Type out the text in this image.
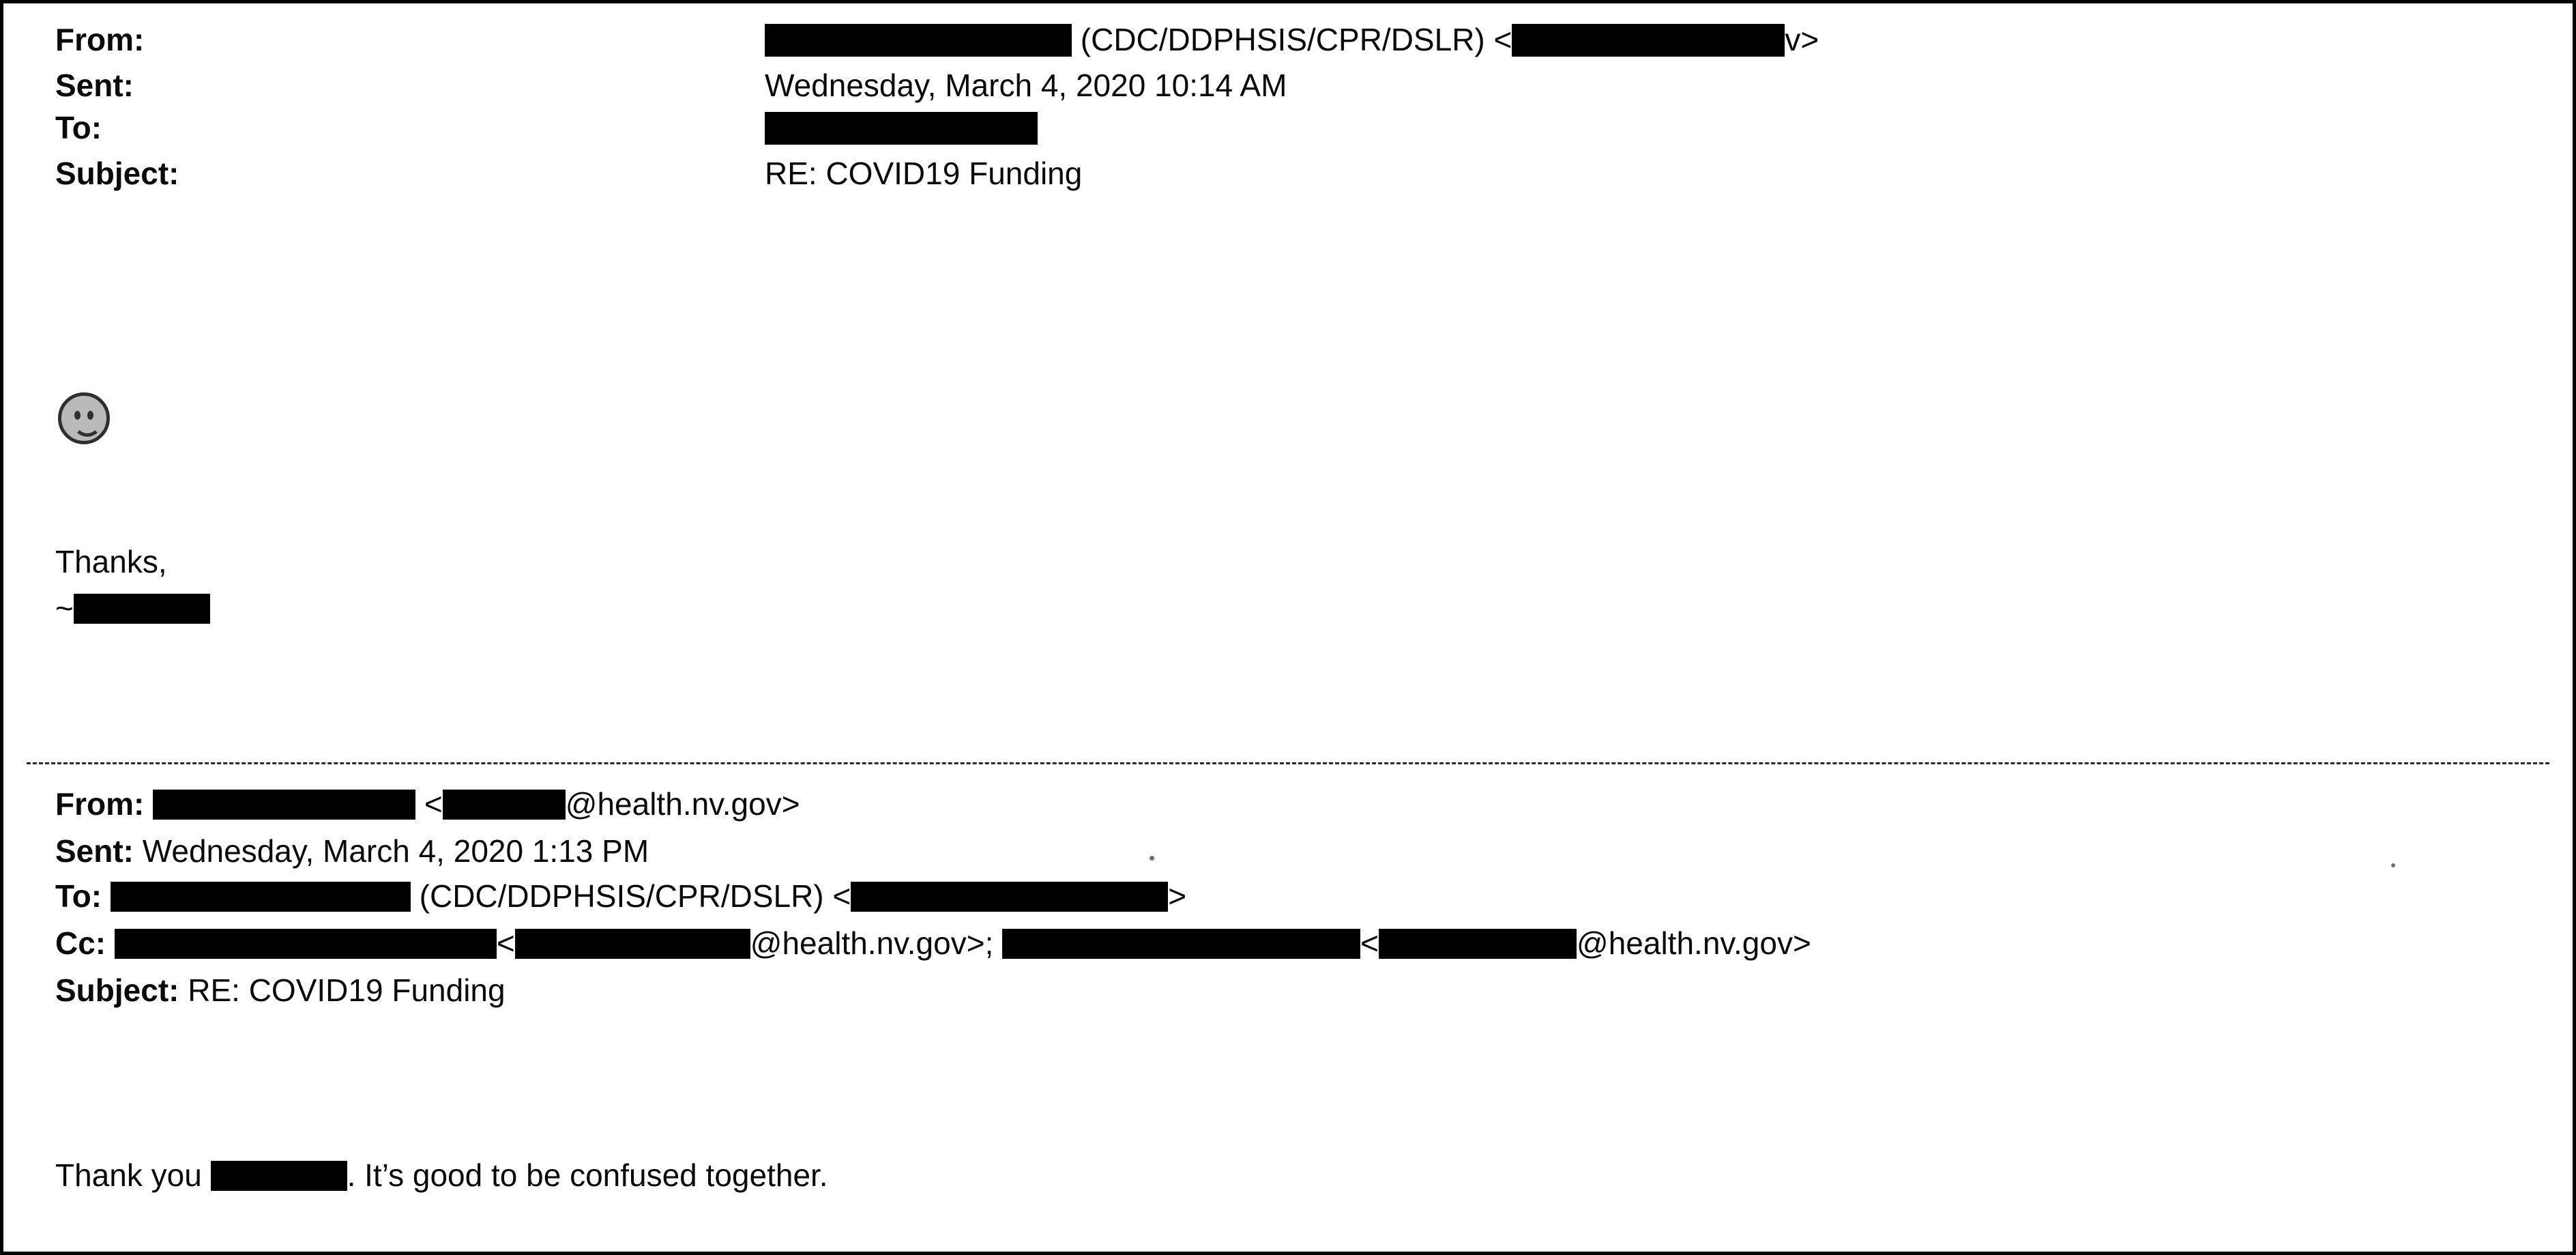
From:	(CDC/DDPHSIS/CPR/DSLR) < v>
Sent:	Wednesday, March 4, 2020 10:14 AM
To:	
Subject:	RE: COVID19 Funding
Thanks,
~
From:	<	@health.nv.gov>
Sent: Wednesday, March 4, 2020 1:13 PM
To:	(CDC/DDPHSIS/CPR/DSLR) <	>
Cc:	<	@health.nv.gov>;	<	@health.nv.gov>
Subject: RE: COVID19 Funding
Thank you	. It’s good to be confused together.
